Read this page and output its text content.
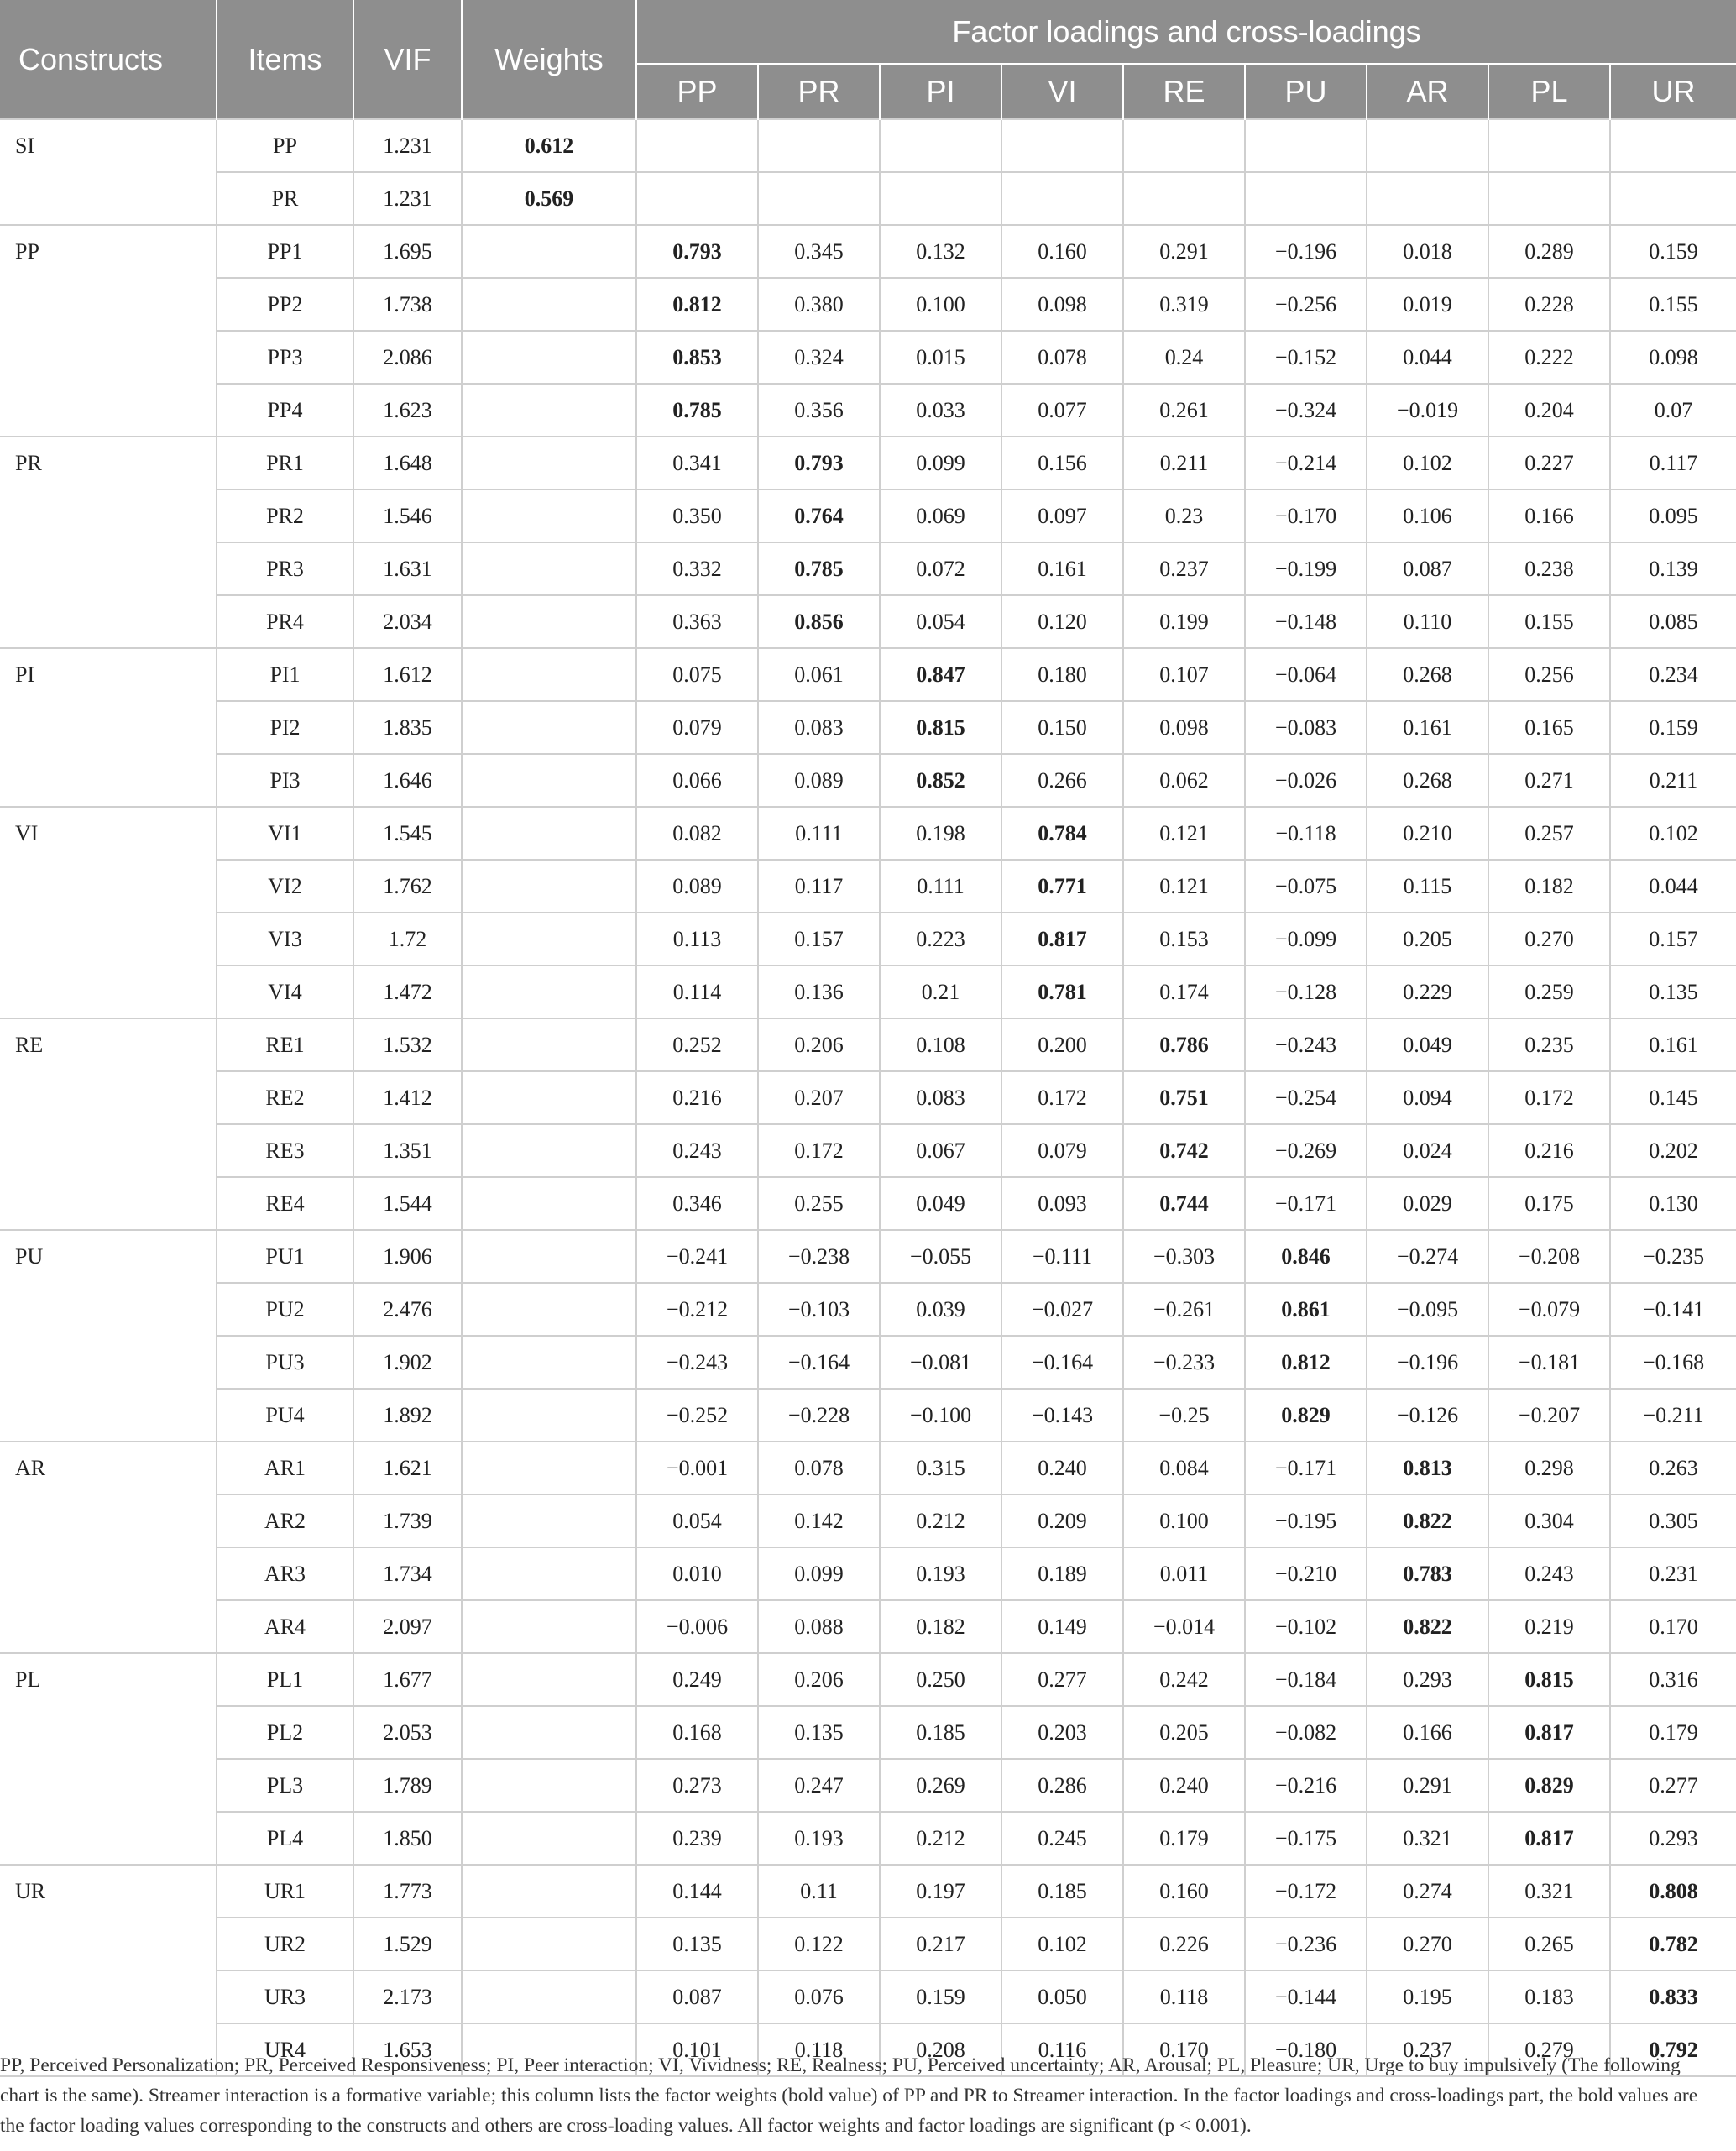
Constructs	Items	VIF	Weights	Factor loadings and cross-loadings								
				PP	PR	PI	VI	RE	PU	AR	PL	UR
SI	PP	1.231	0.612									
	PR	1.231	0.569									
PP	PP1	1.695		0.793	0.345	0.132	0.160	0.291	−0.196	0.018	0.289	0.159
	PP2	1.738		0.812	0.380	0.100	0.098	0.319	−0.256	0.019	0.228	0.155
	PP3	2.086		0.853	0.324	0.015	0.078	0.24	−0.152	0.044	0.222	0.098
	PP4	1.623		0.785	0.356	0.033	0.077	0.261	−0.324	−0.019	0.204	0.07
PR	PR1	1.648		0.341	0.793	0.099	0.156	0.211	−0.214	0.102	0.227	0.117
	PR2	1.546		0.350	0.764	0.069	0.097	0.23	−0.170	0.106	0.166	0.095
	PR3	1.631		0.332	0.785	0.072	0.161	0.237	−0.199	0.087	0.238	0.139
	PR4	2.034		0.363	0.856	0.054	0.120	0.199	−0.148	0.110	0.155	0.085
PI	PI1	1.612		0.075	0.061	0.847	0.180	0.107	−0.064	0.268	0.256	0.234
	PI2	1.835		0.079	0.083	0.815	0.150	0.098	−0.083	0.161	0.165	0.159
	PI3	1.646		0.066	0.089	0.852	0.266	0.062	−0.026	0.268	0.271	0.211
VI	VI1	1.545		0.082	0.111	0.198	0.784	0.121	−0.118	0.210	0.257	0.102
	VI2	1.762		0.089	0.117	0.111	0.771	0.121	−0.075	0.115	0.182	0.044
	VI3	1.72		0.113	0.157	0.223	0.817	0.153	−0.099	0.205	0.270	0.157
	VI4	1.472		0.114	0.136	0.21	0.781	0.174	−0.128	0.229	0.259	0.135
RE	RE1	1.532		0.252	0.206	0.108	0.200	0.786	−0.243	0.049	0.235	0.161
	RE2	1.412		0.216	0.207	0.083	0.172	0.751	−0.254	0.094	0.172	0.145
	RE3	1.351		0.243	0.172	0.067	0.079	0.742	−0.269	0.024	0.216	0.202
	RE4	1.544		0.346	0.255	0.049	0.093	0.744	−0.171	0.029	0.175	0.130
PU	PU1	1.906		−0.241	−0.238	−0.055	−0.111	−0.303	0.846	−0.274	−0.208	−0.235
	PU2	2.476		−0.212	−0.103	0.039	−0.027	−0.261	0.861	−0.095	−0.079	−0.141
	PU3	1.902		−0.243	−0.164	−0.081	−0.164	−0.233	0.812	−0.196	−0.181	−0.168
	PU4	1.892		−0.252	−0.228	−0.100	−0.143	−0.25	0.829	−0.126	−0.207	−0.211
AR	AR1	1.621		−0.001	0.078	0.315	0.240	0.084	−0.171	0.813	0.298	0.263
	AR2	1.739		0.054	0.142	0.212	0.209	0.100	−0.195	0.822	0.304	0.305
	AR3	1.734		0.010	0.099	0.193	0.189	0.011	−0.210	0.783	0.243	0.231
	AR4	2.097		−0.006	0.088	0.182	0.149	−0.014	−0.102	0.822	0.219	0.170
PL	PL1	1.677		0.249	0.206	0.250	0.277	0.242	−0.184	0.293	0.815	0.316
	PL2	2.053		0.168	0.135	0.185	0.203	0.205	−0.082	0.166	0.817	0.179
	PL3	1.789		0.273	0.247	0.269	0.286	0.240	−0.216	0.291	0.829	0.277
	PL4	1.850		0.239	0.193	0.212	0.245	0.179	−0.175	0.321	0.817	0.293
UR	UR1	1.773		0.144	0.11	0.197	0.185	0.160	−0.172	0.274	0.321	0.808
	UR2	1.529		0.135	0.122	0.217	0.102	0.226	−0.236	0.270	0.265	0.782
	UR3	2.173		0.087	0.076	0.159	0.050	0.118	−0.144	0.195	0.183	0.833
	UR4	1.653		0.101	0.118	0.208	0.116	0.170	−0.180	0.237	0.279	0.792
PP, Perceived Personalization; PR, Perceived Responsiveness; PI, Peer interaction; VI, Vividness; RE, Realness; PU, Perceived uncertainty; AR, Arousal; PL, Pleasure; UR, Urge to buy impulsively (The following chart is the same). Streamer interaction is a formative variable; this column lists the factor weights (bold value) of PP and PR to Streamer interaction. In the factor loadings and cross-loadings part, the bold values are the factor loading values corresponding to the constructs and others are cross-loading values. All factor weights and factor loadings are significant (p < 0.001).
